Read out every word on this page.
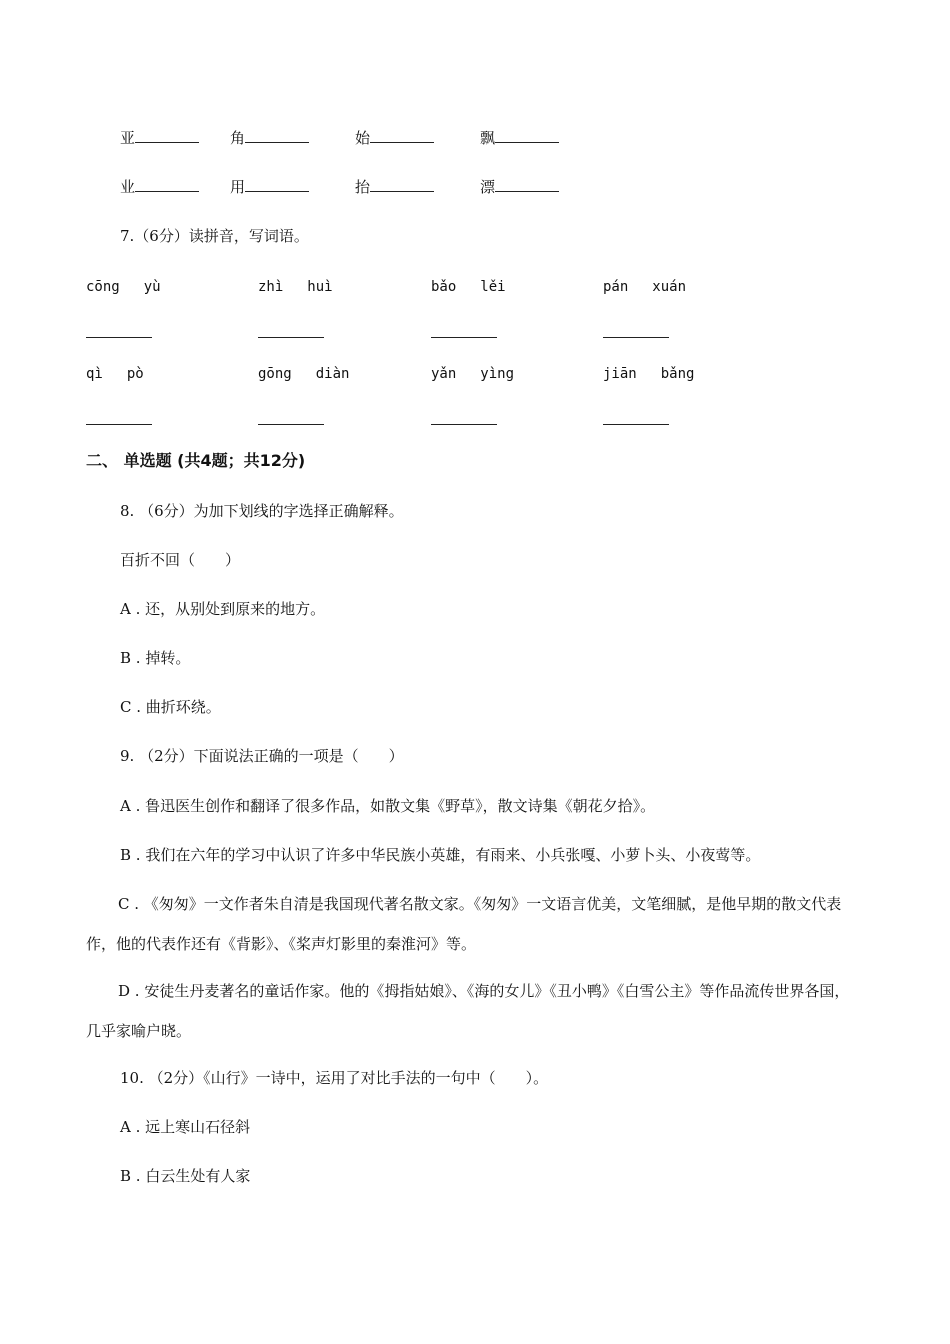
亚	角	始	飘
业	用	抬	漂
7.（6分）读拼音，写词语。
cōng yù	zhì huì	bǎo lěi	pán xuán
qì pò	gōng diàn	yǎn yìng	jiān bǎng
二、 单选题 (共4题；共12分)
8. （6分）为加下划线的字选择正确解释。
百折不回（　　）
A . 还，从别处到原来的地方。
B . 掉转。
C . 曲折环绕。
9. （2分）下面说法正确的一项是（　　）
A . 鲁迅医生创作和翻译了很多作品，如散文集《野草》，散文诗集《朝花夕拾》。
B . 我们在六年的学习中认识了许多中华民族小英雄，有雨来、小兵张嘎、小萝卜头、小夜莺等。
C . 《匆匆》一文作者朱自清是我国现代著名散文家。《匆匆》一文语言优美，文笔细腻，是他早期的散文代表作，他的代表作还有《背影》、《桨声灯影里的秦淮河》等。
D . 安徒生丹麦著名的童话作家。他的《拇指姑娘》、《海的女儿》《丑小鸭》《白雪公主》等作品流传世界各国，几乎家喻户晓。
10. （2分）《山行》一诗中，运用了对比手法的一句中（　　）。
A . 远上寒山石径斜
B . 白云生处有人家
